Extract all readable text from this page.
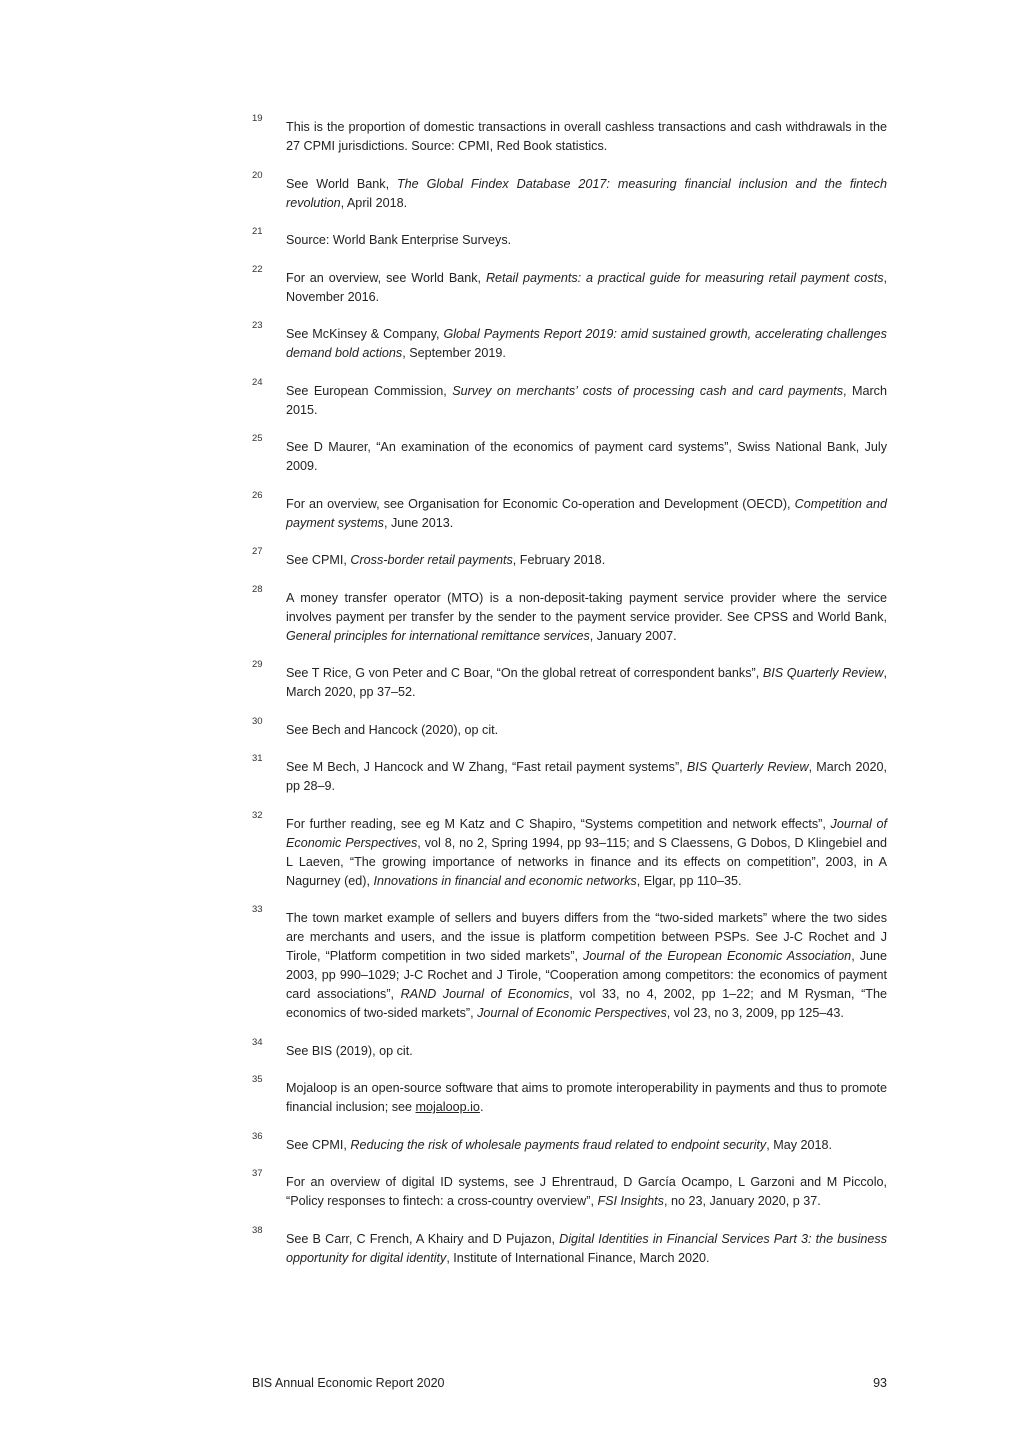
19
This is the proportion of domestic transactions in overall cashless transactions and cash withdrawals in the 27 CPMI jurisdictions. Source: CPMI, Red Book statistics.
20
See World Bank, The Global Findex Database 2017: measuring financial inclusion and the fintech revolution, April 2018.
21
Source: World Bank Enterprise Surveys.
22
For an overview, see World Bank, Retail payments: a practical guide for measuring retail payment costs, November 2016.
23
See McKinsey & Company, Global Payments Report 2019: amid sustained growth, accelerating challenges demand bold actions, September 2019.
24
See European Commission, Survey on merchants’ costs of processing cash and card payments, March 2015.
25
See D Maurer, “An examination of the economics of payment card systems”, Swiss National Bank, July 2009.
26
For an overview, see Organisation for Economic Co-operation and Development (OECD), Competition and payment systems, June 2013.
27
See CPMI, Cross-border retail payments, February 2018.
28
A money transfer operator (MTO) is a non-deposit-taking payment service provider where the service involves payment per transfer by the sender to the payment service provider. See CPSS and World Bank, General principles for international remittance services, January 2007.
29
See T Rice, G von Peter and C Boar, “On the global retreat of correspondent banks”, BIS Quarterly Review, March 2020, pp 37–52.
30
See Bech and Hancock (2020), op cit.
31
See M Bech, J Hancock and W Zhang, “Fast retail payment systems”, BIS Quarterly Review, March 2020, pp 28–9.
32
For further reading, see eg M Katz and C Shapiro, “Systems competition and network effects”, Journal of Economic Perspectives, vol 8, no 2, Spring 1994, pp 93–115; and S Claessens, G Dobos, D Klingebiel and L Laeven, “The growing importance of networks in finance and its effects on competition”, 2003, in A Nagurney (ed), Innovations in financial and economic networks, Elgar, pp 110–35.
33
The town market example of sellers and buyers differs from the “two-sided markets” where the two sides are merchants and users, and the issue is platform competition between PSPs. See J-C Rochet and J Tirole, “Platform competition in two sided markets”, Journal of the European Economic Association, June 2003, pp 990–1029; J-C Rochet and J Tirole, “Cooperation among competitors: the economics of payment card associations”, RAND Journal of Economics, vol 33, no 4, 2002, pp 1–22; and M Rysman, “The economics of two-sided markets”, Journal of Economic Perspectives, vol 23, no 3, 2009, pp 125–43.
34
See BIS (2019), op cit.
35
Mojaloop is an open-source software that aims to promote interoperability in payments and thus to promote financial inclusion; see mojaloop.io.
36
See CPMI, Reducing the risk of wholesale payments fraud related to endpoint security, May 2018.
37
For an overview of digital ID systems, see J Ehrentraud, D García Ocampo, L Garzoni and M Piccolo, “Policy responses to fintech: a cross-country overview”, FSI Insights, no 23, January 2020, p 37.
38
See B Carr, C French, A Khairy and D Pujazon, Digital Identities in Financial Services Part 3: the business opportunity for digital identity, Institute of International Finance, March 2020.
BIS Annual Economic Report 2020	93
